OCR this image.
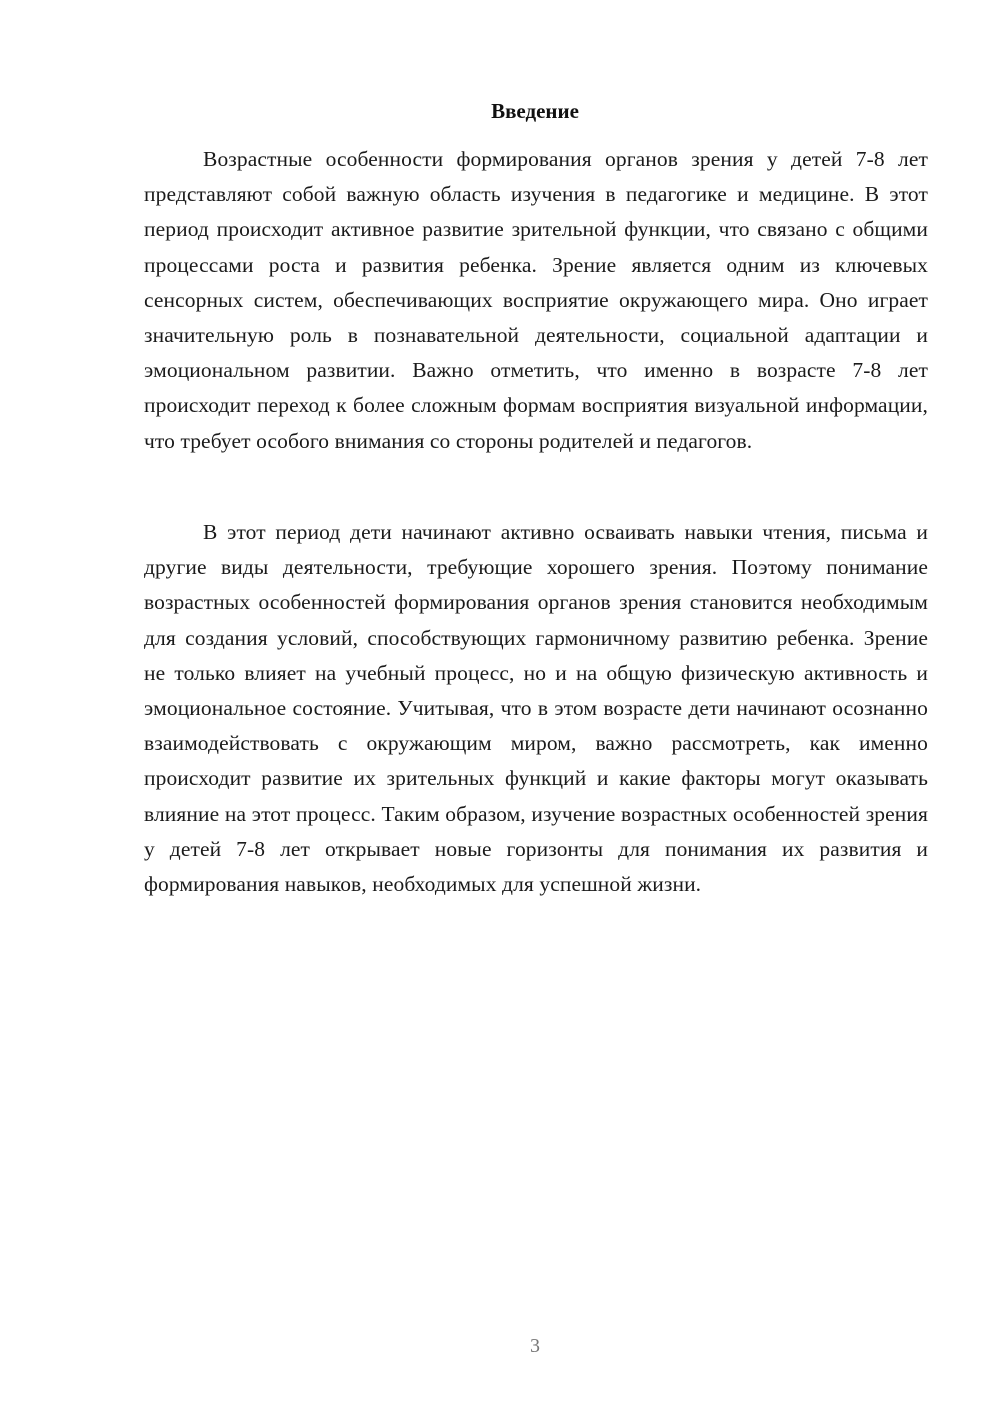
Введение

Возрастные особенности формирования органов зрения у детей 7-8 лет представляют собой важную область изучения в педагогике и медицине. В этот период происходит активное развитие зрительной функции, что связано с общими процессами роста и развития ребенка. Зрение является одним из ключевых сенсорных систем, обеспечивающих восприятие окружающего мира. Оно играет значительную роль в познавательной деятельности, социальной адаптации и эмоциональном развитии. Важно отметить, что именно в возрасте 7-8 лет происходит переход к более сложным формам восприятия визуальной информации, что требует особого внимания со стороны родителей и педагогов.

В этот период дети начинают активно осваивать навыки чтения, письма и другие виды деятельности, требующие хорошего зрения. Поэтому понимание возрастных особенностей формирования органов зрения становится необходимым для создания условий, способствующих гармоничному развитию ребенка. Зрение не только влияет на учебный процесс, но и на общую физическую активность и эмоциональное состояние. Учитывая, что в этом возрасте дети начинают осознанно взаимодействовать с окружающим миром, важно рассмотреть, как именно происходит развитие их зрительных функций и какие факторы могут оказывать влияние на этот процесс. Таким образом, изучение возрастных особенностей зрения у детей 7-8 лет открывает новые горизонты для понимания их развития и формирования навыков, необходимых для успешной жизни.

3
